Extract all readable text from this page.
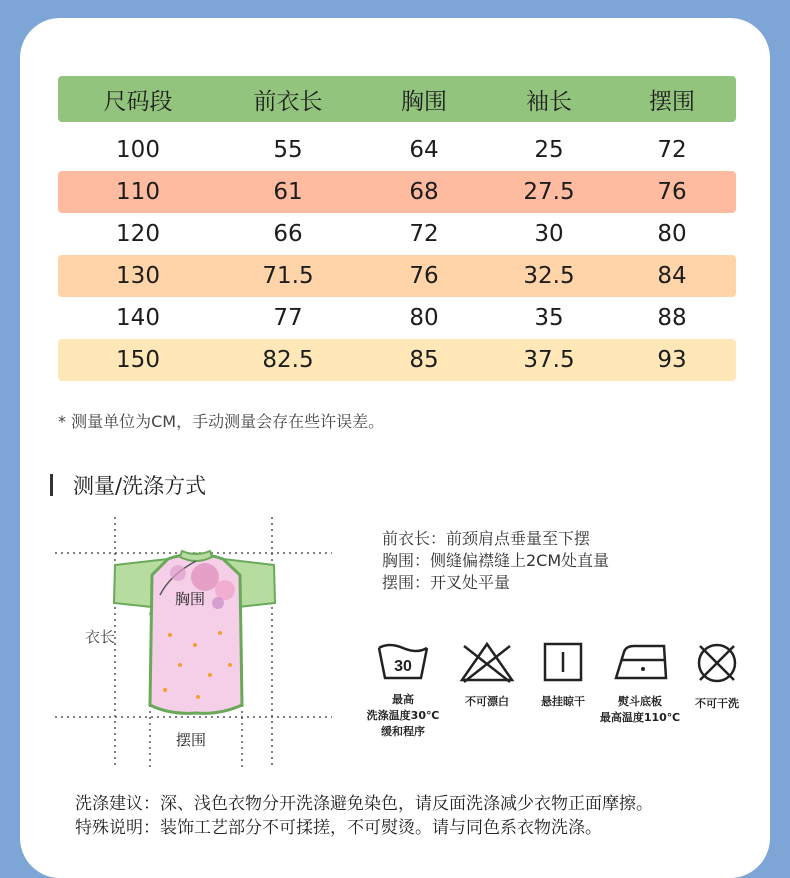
尺码段	前衣长	胸围	袖长	摆围
100	55	64	25	72
110	61	68	27.5	76
120	66	72	30	80
130	71.5	76	32.5	84
140	77	80	35	88
150	82.5	85	37.5	93
* 测量单位为CM，手动测量会存在些许误差。
测量/洗涤方式
胸围
衣长
摆围
前衣长：前颈肩点垂量至下摆
胸围：侧缝偏襟缝上2CM处直量
摆围：开叉处平量
30
最高
洗涤温度30℃
缓和程序
不可漂白	悬挂晾干	熨斗底板
最高温度110℃
不可干洗
洗涤建议：深、浅色衣物分开洗涤避免染色，请反面洗涤减少衣物正面摩擦。
特殊说明：装饰工艺部分不可揉搓，不可熨烫。请与同色系衣物洗涤。
